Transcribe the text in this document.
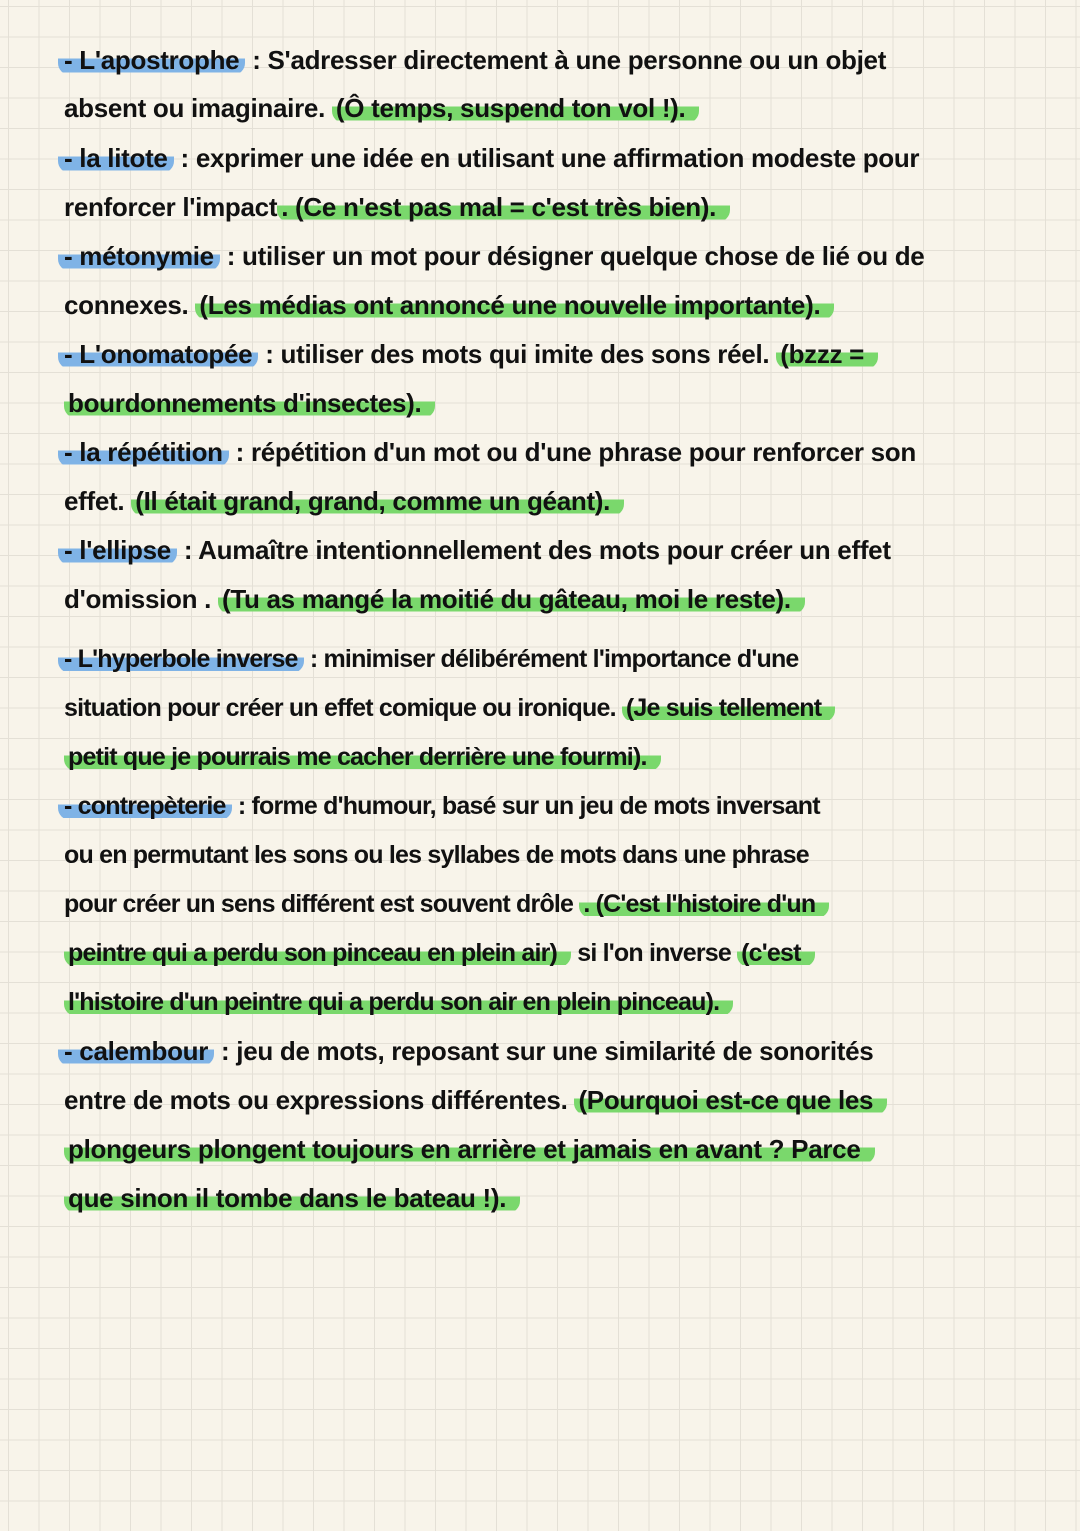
- L'apostrophe : S'adresser directement à une personne ou un objet
absent ou imaginaire. (Ô temps, suspend ton vol !).
- la litote : exprimer une idée en utilisant une affirmation modeste pour
renforcer l'impact . (Ce n'est pas mal = c'est très bien).
- métonymie : utiliser un mot pour désigner quelque chose de lié ou de
connexes. (Les médias ont annoncé une nouvelle importante).
- L'onomatopée : utiliser des mots qui imite des sons réel. (bzzz =
bourdonnements d'insectes).
- la répétition : répétition d'un mot ou d'une phrase pour renforcer son
effet. (Il était grand, grand, comme un géant).
- l'ellipse : Aumaître intentionnellement des mots pour créer un effet
d'omission . (Tu as mangé la moitié du gâteau, moi le reste).
- L'hyperbole inverse : minimiser délibérément l'importance d'une
situation pour créer un effet comique ou ironique. (Je suis tellement
petit que je pourrais me cacher derrière une fourmi).
- contrepèterie : forme d'humour, basé sur un jeu de mots inversant
ou en permutant les sons ou les syllabes de mots dans une phrase
pour créer un sens différent est souvent drôle . (C'est l'histoire d'un
peintre qui a perdu son pinceau en plein air) si l'on inverse (c'est
l'histoire d'un peintre qui a perdu son air en plein pinceau).
- calembour : jeu de mots, reposant sur une similarité de sonorités
entre de mots ou expressions différentes. (Pourquoi est-ce que les
plongeurs plongent toujours en arrière et jamais en avant ? Parce
que sinon il tombe dans le bateau !).
